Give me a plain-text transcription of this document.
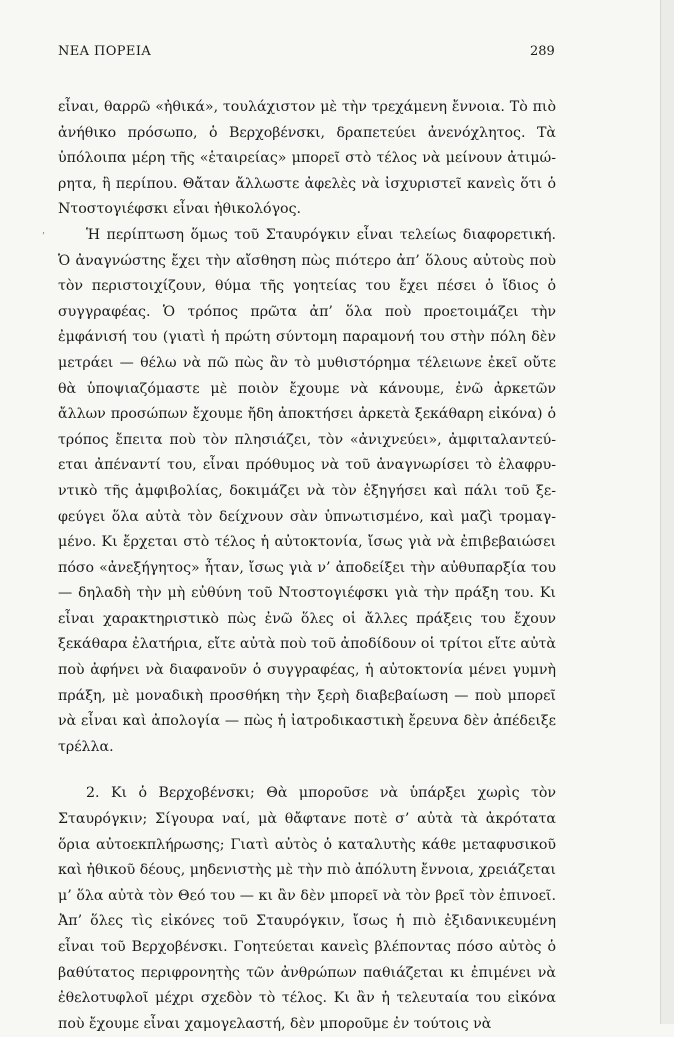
ΝΕΑ ΠΟΡΕΙΑ	289
’

εἶναι, θαρρῶ «ἠθικά», τουλάχιστον μὲ τὴν τρεχάμενη ἔννοια. Τὸ πιὸ ἀνήθικο πρόσωπο, ὁ Βερχοβένσκι, δραπετεύει ἀνενόχλητος. Τὰ ὑπόλοιπα μέρη τῆς «ἑταιρείας» μπορεῖ στὸ τέλος νὰ μείνουν ἀτιμώρητα, ἢ περίπου. Θἄταν ἄλλωστε ἀφελὲς νὰ ἰσχυριστεῖ κανεὶς ὅτι ὁ Ντοστογιέφσκι εἶναι ἠθικολόγος.

Ἡ περίπτωση ὅμως τοῦ Σταυρόγκιν εἶναι τελείως διαφορετική. Ὁ ἀναγνώστης ἔχει τὴν αἴσθηση πὼς πιότερο ἀπ’ ὅλους αὐτοὺς ποὺ τὸν περιστοιχίζουν, θύμα τῆς γοητείας του ἔχει πέσει ὁ ἴδιος ὁ συγγραφέας. Ὁ τρόπος πρῶτα ἀπ’ ὅλα ποὺ προετοιμάζει τὴν ἐμφάνισή του (γιατὶ ἡ πρώτη σύντομη παραμονή του στὴν πόλη δὲν μετράει — θέλω νὰ πῶ πὼς ἂν τὸ μυθιστόρημα τέλειωνε ἐκεῖ οὔτε θὰ ὑποψιαζόμαστε μὲ ποιὸν ἔχουμε νὰ κάνουμε, ἐνῶ ἀρκετῶν ἄλλων προσώπων ἔχουμε ἤδη ἀποκτήσει ἀρκετὰ ξεκάθαρη εἰκόνα) ὁ τρόπος ἔπειτα ποὺ τὸν πλησιάζει, τὸν «ἀνιχνεύει», ἀμφιταλαντεύεται ἀπέναντί του, εἶναι πρόθυμος νὰ τοῦ ἀναγνωρίσει τὸ ἐλαφρυντικὸ τῆς ἀμφιβολίας, δοκιμάζει νὰ τὸν ἐξηγήσει καὶ πάλι τοῦ ξεφεύγει ὅλα αὐτὰ τὸν δείχνουν σὰν ὑπνωτισμένο, καὶ μαζὶ τρομαγμένο. Κι ἔρχεται στὸ τέλος ἡ αὐτοκτονία, ἴσως γιὰ νὰ ἐπιβεβαιώσει πόσο «ἀνεξήγητος» ἦταν, ἴσως γιὰ ν’ ἀποδείξει τὴν αὐθυπαρξία του — δηλαδὴ τὴν μὴ εὐθύνη τοῦ Ντοστογιέφσκι γιὰ τὴν πράξη του. Κι εἶναι χαρακτηριστικὸ πὼς ἐνῶ ὅλες οἱ ἄλλες πράξεις του ἔχουν ξεκάθαρα ἐλατήρια, εἴτε αὐτὰ ποὺ τοῦ ἀποδίδουν οἱ τρίτοι εἴτε αὐτὰ ποὺ ἀφήνει νὰ διαφανοῦν ὁ συγγραφέας, ἡ αὐτοκτονία μένει γυμνὴ πράξη, μὲ μοναδικὴ προσθήκη τὴν ξερὴ διαβεβαίωση — ποὺ μπορεῖ νὰ εἶναι καὶ ἀπολογία — πὼς ἡ ἰατροδικαστικὴ ἔρευνα δὲν ἀπέδειξε τρέλλα.

2. Κι ὁ Βερχοβένσκι; Θὰ μποροῦσε νὰ ὑπάρξει χωρὶς τὸν Σταυρόγκιν; Σίγουρα ναί, μὰ θἄφτανε ποτὲ σ’ αὐτὰ τὰ ἀκρότατα ὅρια αὐτοεκπλήρωσης; Γιατὶ αὐτὸς ὁ καταλυτὴς κάθε μεταφυσικοῦ καὶ ἠθικοῦ δέους, μηδενιστὴς μὲ τὴν πιὸ ἀπόλυτη ἔννοια, χρειάζεται μ’ ὅλα αὐτὰ τὸν Θεό του — κι ἂν δὲν μπορεῖ νὰ τὸν βρεῖ τὸν ἐπινοεῖ. Ἀπ’ ὅλες τὶς εἰκόνες τοῦ Σταυρόγκιν, ἴσως ἡ πιὸ ἐξιδανικευμένη εἶναι τοῦ Βερχοβένσκι. Γοητεύεται κανεὶς βλέποντας πόσο αὐτὸς ὁ βαθύτατος περιφρονητὴς τῶν ἀνθρώπων παθιάζεται κι ἐπιμένει νὰ ἐθελοτυφλοῖ μέχρι σχεδὸν τὸ τέλος. Κι ἂν ἡ τελευταία του εἰκόνα ποὺ ἔχουμε εἶναι χαμογελαστή, δὲν μποροῦμε ἐν τούτοις νὰ
